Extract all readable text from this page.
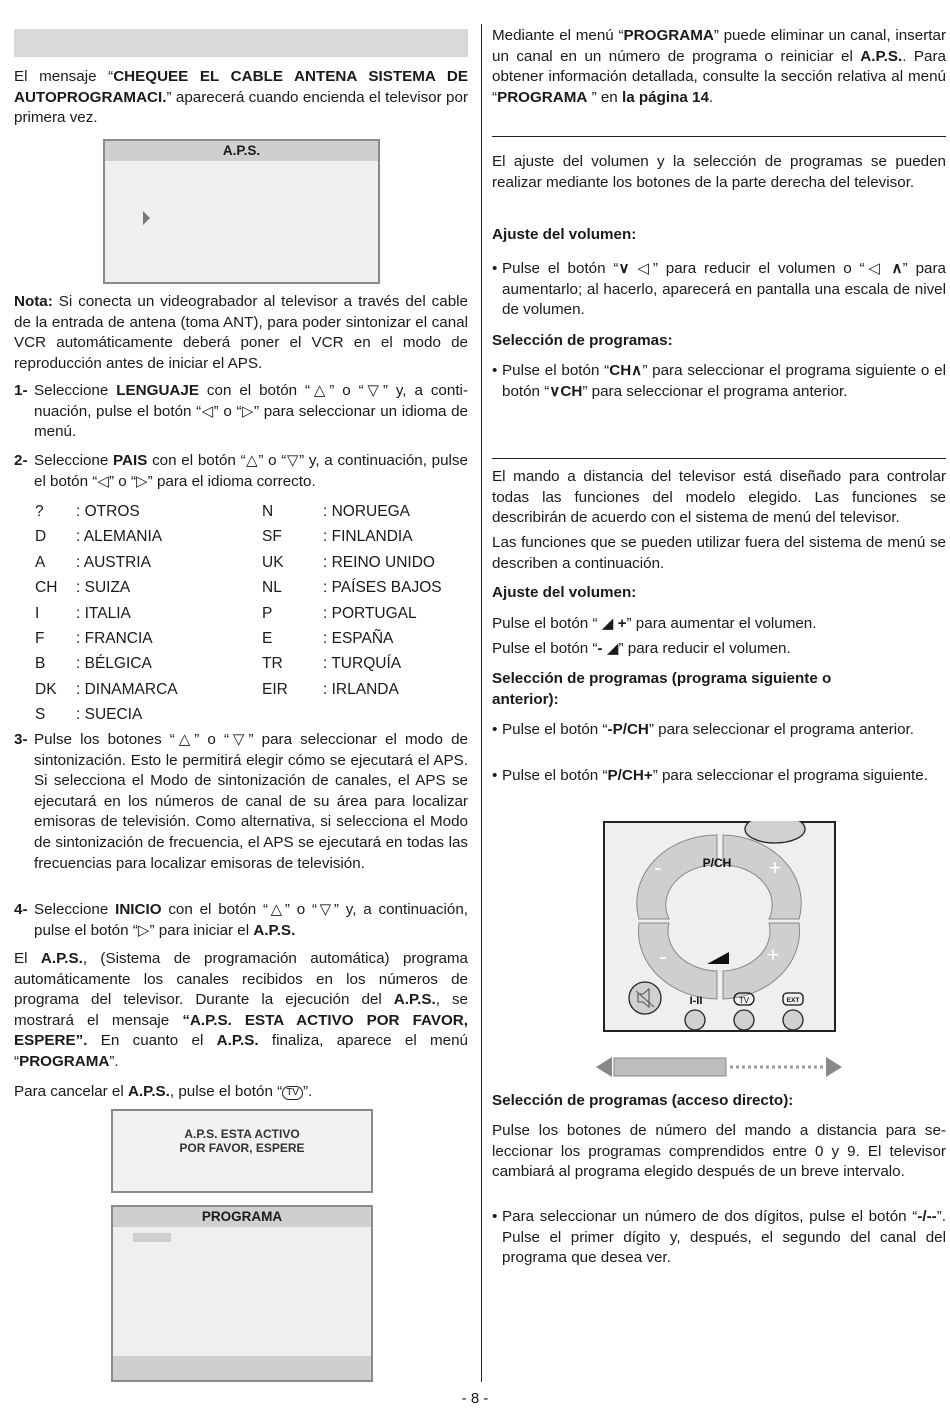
El mensaje “CHEQUEE EL CABLE ANTENA SISTEMA DE AUTOPROGRAMACI.” aparecerá cuando encienda el televisor por primera vez.
A.P.S.
Nota: Si conecta un videograbador al televisor a través del cable de la entrada de antena (toma ANT), para poder sintonizar el canal VCR automáticamente deberá poner el VCR en el modo de reproducción antes de iniciar el APS.
1- Seleccione LENGUAJE con el botón “△” o “▽” y, a continuación, pulse el botón “◁” o “▷” para seleccionar un idioma de menú.
2- Seleccione PAIS con el botón “△” o “▽” y, a continuación, pulse el botón “◁” o “▷” para el idioma correcto.
?	: OTROS	N	: NORUEGA
D	: ALEMANIA	SF	: FINLANDIA
A	: AUSTRIA	UK	: REINO UNIDO
CH	: SUIZA	NL	: PAÍSES BAJOS
I	: ITALIA	P	: PORTUGAL
F	: FRANCIA	E	: ESPAÑA
B	: BÉLGICA	TR	: TURQUÍA
DK	: DINAMARCA	EIR	: IRLANDA
S	: SUECIA
3- Pulse los botones “△” o “▽” para seleccionar el modo de sintonización. Esto le permitirá elegir cómo se ejecutará el APS. Si selecciona el Modo de sintonización de canales, el APS se ejecutará en los números de canal de su área para localizar emisoras de televisión. Como alternativa, si selecciona el Modo de sintonización de frecuencia, el APS se ejecutará en todas las frecuencias para localizar emisoras de televisión.
4- Seleccione INICIO con el botón “△” o “▽” y, a continuación, pulse el botón “▷” para iniciar el A.P.S.
El A.P.S., (Sistema de programación automática) programa automáticamente los canales recibidos en los números de programa del televisor. Durante la ejecución del A.P.S., se mostrará el mensaje “A.P.S. ESTA ACTIVO POR FAVOR, ESPERE”. En cuanto el A.P.S. finaliza, aparece el menú “PROGRAMA”.
Para cancelar el A.P.S., pulse el botón “ TV ”.
A.P.S. ESTA ACTIVO
POR FAVOR, ESPERE
PROGRAMA
Mediante el menú “PROGRAMA” puede eliminar un canal, insertar un canal en un número de programa o reiniciar el A.P.S.. Para obtener información detallada, consulte la sección relativa al menú “PROGRAMA ” en la página 14.
El ajuste del volumen y la selección de programas se pueden realizar mediante los botones de la parte derecha del televisor.
Ajuste del volumen:
• Pulse el botón “∨ ◁” para reducir el volumen o “◁ ∧” para aumentarlo; al hacerlo, aparecerá en pantalla una escala de nivel de volumen.
Selección de programas:
• Pulse el botón “CH∧” para seleccionar el programa siguiente o el botón “∨CH” para seleccionar el programa anterior.
El mando a distancia del televisor está diseñado para controlar todas las funciones del modelo elegido. Las funciones se describirán de acuerdo con el sistema de menú del televisor.
Las funciones que se pueden utilizar fuera del sistema de menú se describen a continuación.
Ajuste del volumen:
Pulse el botón “ ◢ +” para aumentar el volumen.
Pulse el botón “- ◢” para reducir el volumen.
Selección de programas (programa siguiente o anterior):
• Pulse el botón “-P/CH” para seleccionar el programa anterior.
• Pulse el botón “P/CH+” para seleccionar el programa siguiente.
P/CH
-	+
-	+
I-II	TV	EXT
Selección de programas (acceso directo):
Pulse los botones de número del mando a distancia para seleccionar los programas comprendidos entre 0 y 9. El televisor cambiará al programa elegido después de un breve intervalo.
• Para seleccionar un número de dos dígitos, pulse el botón “-/--”. Pulse el primer dígito y, después, el segundo del canal del programa que desea ver.
- 8 -
